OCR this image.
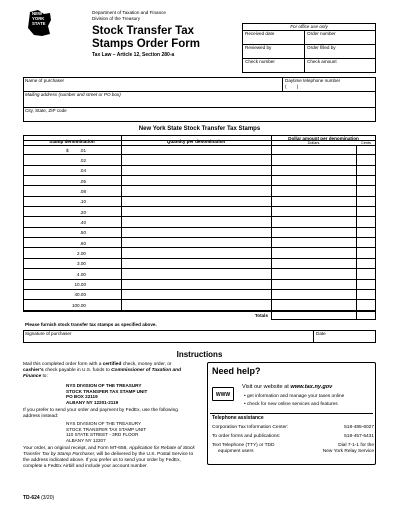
NEW
YORK
STATE
Department of Taxation and Finance
Division of the Treasury
Stock Transfer Tax
Stamps Order Form
Tax Law – Article 12, Section 280-a
For office use only
Received date	Order number
Reviewed by	Order filled by
Check number	Check amount
Name of purchaser	Daytime telephone number
(        )
Mailing address (number and street or PO box)
City, State, ZIP code
New York State Stock Transfer Tax Stamps
Stamp denomination	Quantity per denomination
Dollar amount per denomination
Dollars	Cents
$	.01
.02
.04
.05
.08
.10
.20
.40
.50
.60
2.00
3.00
4.00
10.00
40.00
100.00
Totals
Please furnish stock transfer tax stamps as specified above.
Signature of purchaser	Date
Instructions
Mail this completed order form with a certified check, money order, or cashier's check payable in U.S. funds to Commissioner of Taxation and Finance to:
NYS DIVISION OF THE TREASURY
STOCK TRANSFER TAX STAMP UNIT
PO BOX 22119
ALBANY NY 12201-2119
If you prefer to send your order and payment by FedEx, use the following address instead:
NYS DIVISION OF THE TREASURY
STOCK TRANSFER TAX STAMP UNIT
110 STATE STREET - 3RD FLOOR
ALBANY NY 12207
Your order, an original receipt, and Form MT-658, Application for Rebate of Stock Transfer Tax by Stamp Purchaser, will be delivered by the U.S. Postal Service to the address indicated above. If you prefer us to send your order by FedEx, complete a FedEx Airbill and include your account number.
Need help?
WWW
Visit our website at www.tax.ny.gov
• get information and manage your taxes online
• check for new online services and features
Telephone assistance
Corporation Tax Information Center:	518-485-6027
To order forms and publications:	518-457-5431
Text Telephone (TTY) or TDD	Dial 7-1-1 for the
equipment users	New York Relay Service
TD-624 (3/20)
